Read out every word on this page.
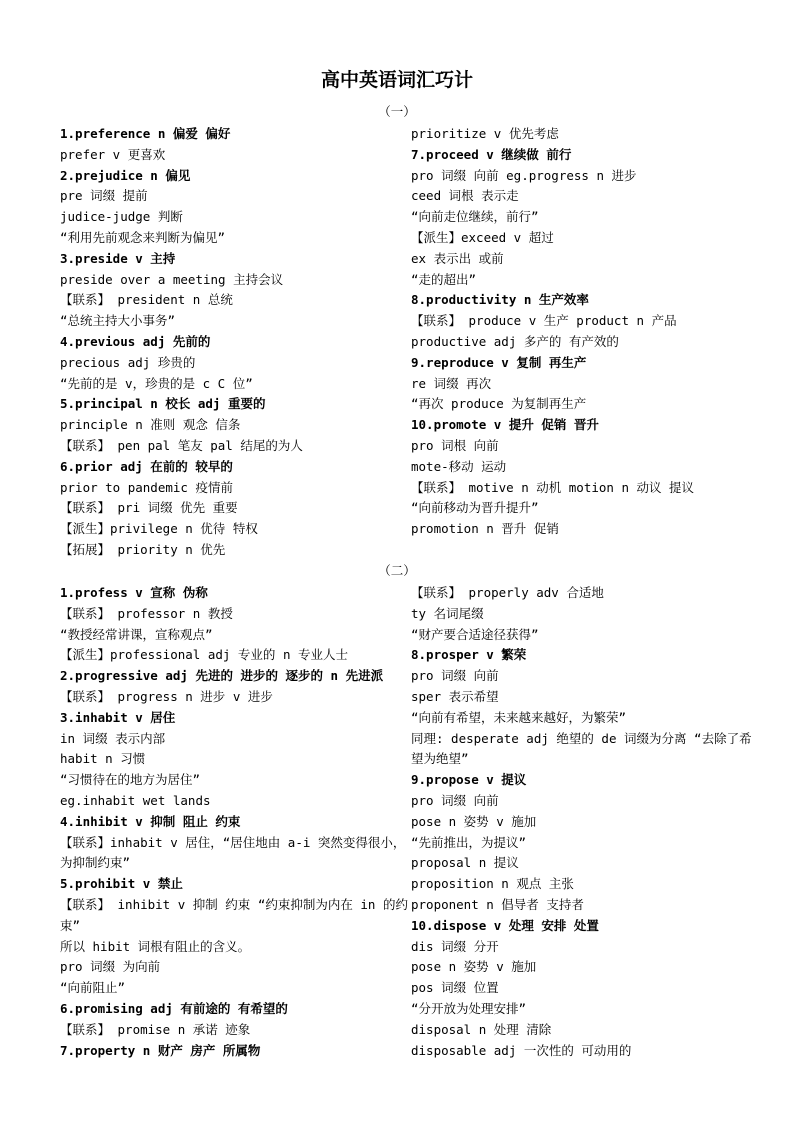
高中英语词汇巧计
（一）
1.preference n 偏爱 偏好
prefer v 更喜欢
2.prejudice n 偏见
pre 词缀 提前
judice-judge 判断
“利用先前观念来判断为偏见”
3.preside v 主持
preside over a meeting 主持会议
【联系】 president n 总统
“总统主持大小事务”
4.previous adj 先前的
precious adj 珍贵的
“先前的是 v，珍贵的是 c C 位”
5.principal n 校长 adj 重要的
principle n 准则 观念 信条
【联系】 pen pal 笔友 pal 结尾的为人
6.prior adj 在前的 较早的
prior to pandemic 疫情前
【联系】 pri 词缀 优先 重要
【派生】privilege n 优待 特权
【拓展】 priority n 优先
prioritize v 优先考虑
7.proceed v 继续做 前行
pro 词缀 向前 eg.progress n 进步
ceed 词根 表示走
“向前走位继续，前行”
【派生】exceed v 超过
ex 表示出 或前
“走的超出”
8.productivity n 生产效率
【联系】 produce v 生产 product n 产品
productive adj 多产的 有产效的
9.reproduce v 复制 再生产
re 词缀 再次
“再次 produce 为复制再生产
10.promote v 提升 促销 晋升
pro 词根 向前
mote-移动 运动
【联系】 motive n 动机 motion n 动议 提议
“向前移动为晋升提升”
promotion n 晋升 促销
（二）
1.profess v 宣称 伪称
【联系】 professor n 教授
“教授经常讲课，宣称观点”
【派生】professional adj 专业的 n 专业人士
2.progressive adj 先进的 进步的 逐步的 n 先进派
【联系】 progress n 进步 v 进步
3.inhabit v 居住
in 词缀 表示内部
habit n 习惯
“习惯待在的地方为居住”
eg.inhabit wet lands
4.inhibit v 抑制 阻止 约束
【联系】inhabit v 居住，“居住地由 a-i 突然变得很小，为抑制约束”
5.prohibit v 禁止
【联系】 inhibit v 抑制 约束 “约束抑制为内在 in 的约束”
所以 hibit 词根有阻止的含义。
pro 词缀 为向前
“向前阻止”
6.promising adj 有前途的 有希望的
【联系】 promise n 承诺 迹象
7.property n 财产 房产 所属物
【联系】 properly adv 合适地
ty 名词尾缀
“财产要合适途径获得”
8.prosper v 繁荣
pro 词缀 向前
sper 表示希望
“向前有希望，未来越来越好，为繁荣”
同理: desperate adj 绝望的 de 词缀为分离 “去除了希望为绝望”
9.propose v 提议
pro 词缀 向前
pose n 姿势 v 施加
“先前推出，为提议”
proposal n 提议
proposition n 观点 主张
proponent n 倡导者 支持者
10.dispose v 处理 安排 处置
dis 词缀 分开
pose n 姿势 v 施加
pos 词缀 位置
“分开放为处理安排”
disposal n 处理 清除
disposable adj 一次性的 可动用的
